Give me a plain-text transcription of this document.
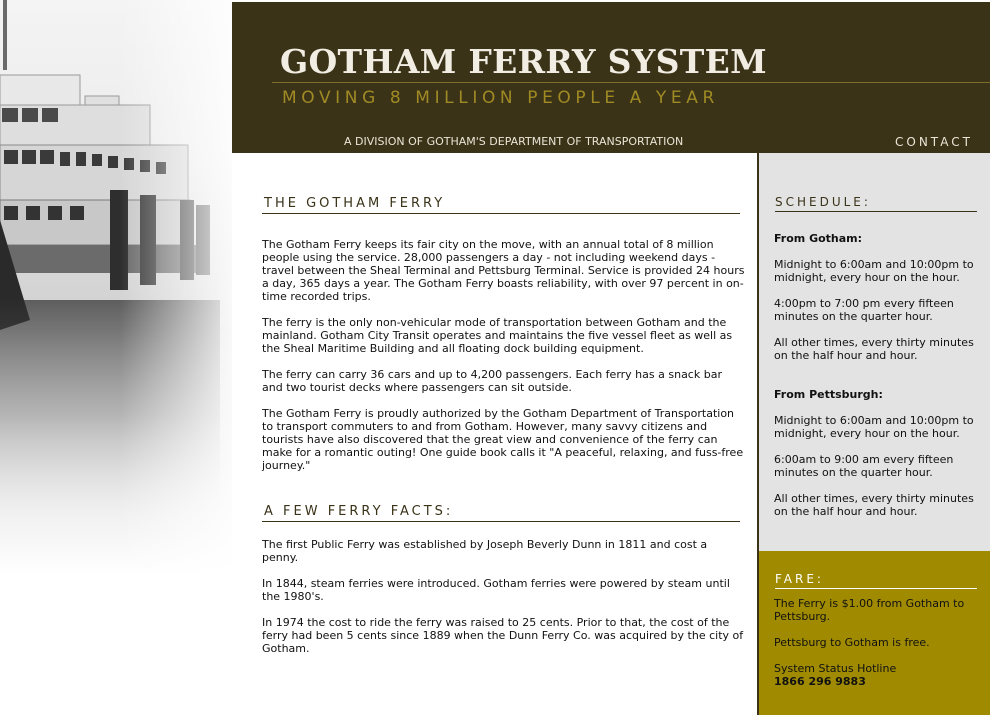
GOTHAM FERRY SYSTEM

MOVING 8 MILLION PEOPLE A YEAR

A DIVISION OF GOTHAM'S DEPARTMENT OF TRANSPORTATION	CONTACT
THE GOTHAM FERRY

The Gotham Ferry keeps its fair city on the move, with an annual total of 8 million people using the service. 28,000 passengers a day - not including weekend days - travel between the Sheal Terminal and Pettsburg Terminal. Service is provided 24 hours a day, 365 days a year. The Gotham Ferry boasts reliability, with over 97 percent in on-time recorded trips.

The ferry is the only non-vehicular mode of transportation between Gotham and the mainland. Gotham City Transit operates and maintains the five vessel fleet as well as the Sheal Maritime Building and all floating dock building equipment.

The ferry can carry 36 cars and up to 4,200 passengers. Each ferry has a snack bar and two tourist decks where passengers can sit outside.

The Gotham Ferry is proudly authorized by the Gotham Department of Transportation to transport commuters to and from Gotham. However, many savvy citizens and tourists have also discovered that the great view and convenience of the ferry can make for a romantic outing! One guide book calls it "A peaceful, relaxing, and fuss-free journey."

A FEW FERRY FACTS:

The first Public Ferry was established by Joseph Beverly Dunn in 1811 and cost a penny.

In 1844, steam ferries were introduced. Gotham ferries were powered by steam until the 1980's.

In 1974 the cost to ride the ferry was raised to 25 cents. Prior to that, the cost of the ferry had been 5 cents since 1889 when the Dunn Ferry Co. was acquired by the city of Gotham.

SCHEDULE:

From Gotham:

Midnight to 6:00am and 10:00pm to midnight, every hour on the hour.

4:00pm to 7:00 pm every fifteen minutes on the quarter hour.

All other times, every thirty minutes on the half hour and hour.

From Pettsburgh:

Midnight to 6:00am and 10:00pm to midnight, every hour on the hour.

6:00am to 9:00 am every fifteen minutes on the quarter hour.

All other times, every thirty minutes on the half hour and hour.

FARE:

The Ferry is $1.00 from Gotham to Pettsburg.

Pettsburg to Gotham is free.

System Status Hotline

1866 296 9883
